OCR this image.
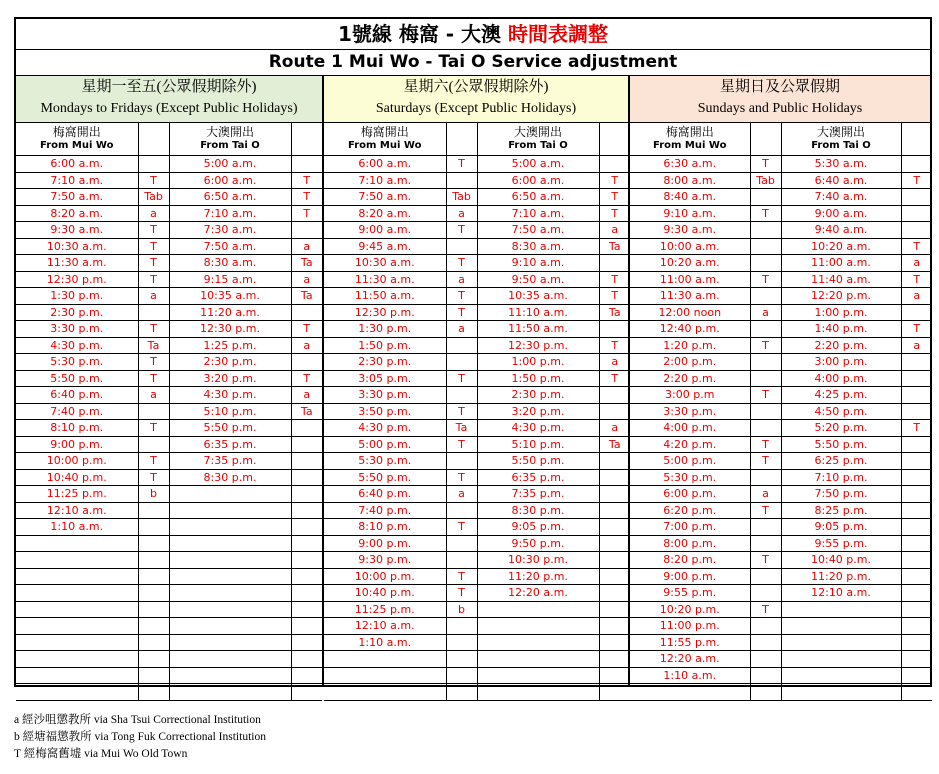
1號線 梅窩 - 大澳 時間表調整
Route 1 Mui Wo - Tai O Service adjustment
星期一至五(公眾假期除外)
Mondays to Fridays (Except Public Holidays)
梅窩開出
From Mui Wo		大澳開出
From Tai O	

6:00 a.m.		5:00 a.m.	
7:10 a.m.	T	6:00 a.m.	T
7:50 a.m.	Tab	6:50 a.m.	T
8:20 a.m.	a	7:10 a.m.	T
9:30 a.m.	T	7:30 a.m.	
10:30 a.m.	T	7:50 a.m.	a
11:30 a.m.	T	8:30 a.m.	Ta
12:30 p.m.	T	9:15 a.m.	a
1:30 p.m.	a	10:35 a.m.	Ta
2:30 p.m.		11:20 a.m.	
3:30 p.m.	T	12:30 p.m.	T
4:30 p.m.	Ta	1:25 p.m.	a
5:30 p.m.	T	2:30 p.m.	
5:50 p.m.	T	3:20 p.m.	T
6:40 p.m.	a	4:30 p.m.	a
7:40 p.m.		5:10 p.m.	Ta
8:10 p.m.	T	5:50 p.m.	
9:00 p.m.		6:35 p.m.	
10:00 p.m.	T	7:35 p.m.	
10:40 p.m.	T	8:30 p.m.	
11:25 p.m.	b		
12:10 a.m.			
1:10 a.m.			

星期六(公眾假期除外)
Saturdays (Except Public Holidays)
梅窩開出
From Mui Wo		大澳開出
From Tai O	

6:00 a.m.	T	5:00 a.m.	
7:10 a.m.		6:00 a.m.	T
7:50 a.m.	Tab	6:50 a.m.	T
8:20 a.m.	a	7:10 a.m.	T
9:00 a.m.	T	7:50 a.m.	a
9:45 a.m.		8:30 a.m.	Ta
10:30 a.m.	T	9:10 a.m.	
11:30 a.m.	a	9:50 a.m.	T
11:50 a.m.	T	10:35 a.m.	T
12:30 p.m.	T	11:10 a.m.	Ta
1:30 p.m.	a	11:50 a.m.	
1:50 p.m.		12:30 p.m.	T
2:30 p.m.		1:00 p.m.	a
3:05 p.m.	T	1:50 p.m.	T
3:30 p.m.		2:30 p.m.	
3:50 p.m.	T	3:20 p.m.	
4:30 p.m.	Ta	4:30 p.m.	a
5:00 p.m.	T	5:10 p.m.	Ta
5:30 p.m.		5:50 p.m.	
5:50 p.m.	T	6:35 p.m.	
6:40 p.m.	a	7:35 p.m.	
7:40 p.m.		8:30 p.m.	
8:10 p.m.	T	9:05 p.m.	
9:00 p.m.		9:50 p.m.	
9:30 p.m.		10:30 p.m.	
10:00 p.m.	T	11:20 p.m.	
10:40 p.m.	T	12:20 a.m.	
11:25 p.m.	b		
12:10 a.m.			
1:10 a.m.			

星期日及公眾假期
Sundays and Public Holidays
梅窩開出
From Mui Wo		大澳開出
From Tai O	

6:30 a.m.	T	5:30 a.m.	
8:00 a.m.	Tab	6:40 a.m.	T
8:40 a.m.		7:40 a.m.	
9:10 a.m.	T	9:00 a.m.	
9:30 a.m.		9:40 a.m.	
10:00 a.m.		10:20 a.m.	T
10:20 a.m.		11:00 a.m.	a
11:00 a.m.	T	11:40 a.m.	T
11:30 a.m.		12:20 p.m.	a
12:00 noon	a	1:00 p.m.	
12:40 p.m.		1:40 p.m.	T
1:20 p.m.	T	2:20 p.m.	a
2:00 p.m.		3:00 p.m.	
2:20 p.m.		4:00 p.m.	
3:00 p.m	T	4:25 p.m.	
3:30 p.m.		4:50 p.m.	
4:00 p.m.		5:20 p.m.	T
4:20 p.m.	T	5:50 p.m.	
5:00 p.m.	T	6:25 p.m.	
5:30 p.m.		7:10 p.m.	
6:00 p.m.	a	7:50 p.m.	
6:20 p.m.	T	8:25 p.m.	
7:00 p.m.		9:05 p.m.	
8:00 p.m.		9:55 p.m.	
8:20 p.m.	T	10:40 p.m.	
9:00 p.m.		11:20 p.m.	
9:55 p.m.		12:10 a.m.	
10:20 p.m.	T		
11:00 p.m.			
11:55 p.m.			
12:20 a.m.			
1:10 a.m.			

a 經沙咀懲教所 via Sha Tsui Correctional Institution
b 經塘福懲教所 via Tong Fuk Correctional Institution
T 經梅窩舊墟 via Mui Wo Old Town
